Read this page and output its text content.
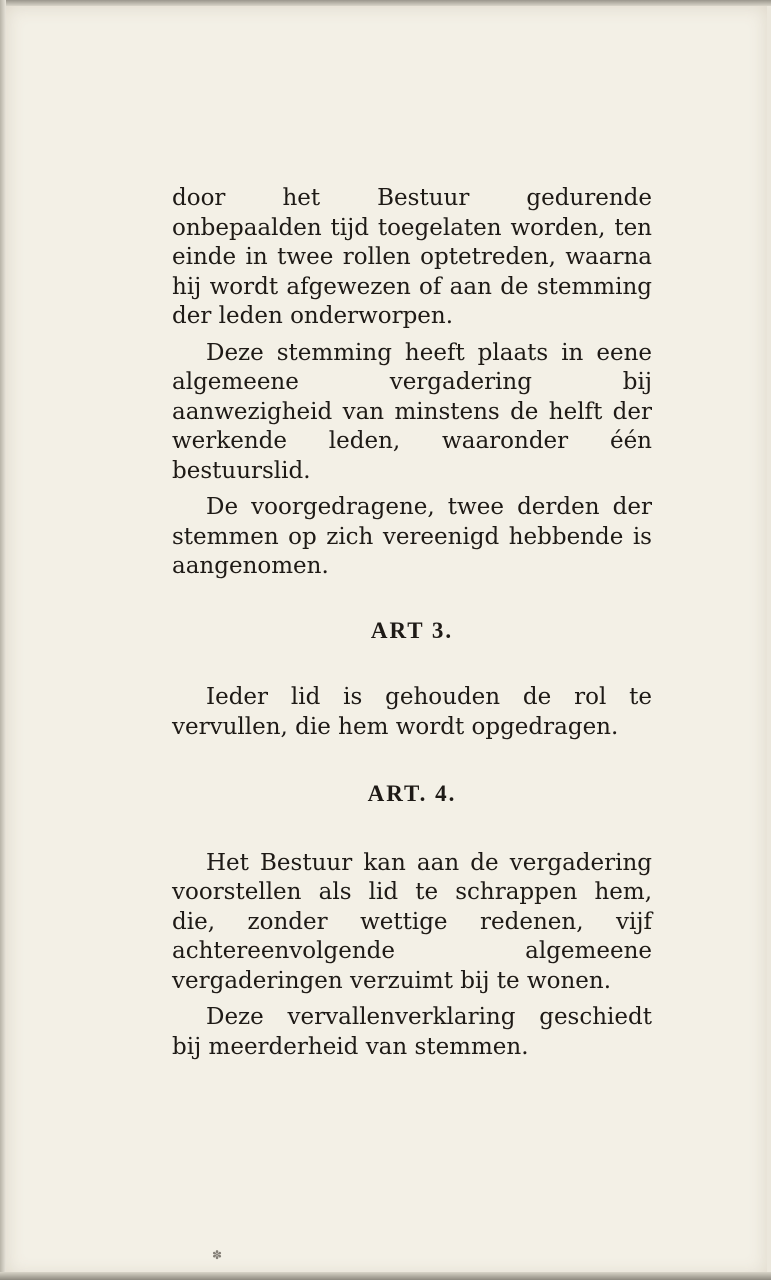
door het Bestuur gedurende onbepaalden tijd toegelaten worden, ten einde in twee rollen optetreden, waarna hij wordt afgewezen of aan de stemming der leden onderworpen.

Deze stemming heeft plaats in eene algemeene vergadering bij aanwezigheid van minstens de helft der werkende leden, waaronder één bestuurslid.

De voorgedragene, twee derden der stemmen op zich vereenigd hebbende is aangenomen.

ART 3.

Ieder lid is gehouden de rol te vervullen, die hem wordt opgedragen.

ART. 4.

Het Bestuur kan aan de vergadering voorstellen als lid te schrappen hem, die, zonder wettige redenen, vijf achtereenvolgende algemeene vergaderingen verzuimt bij te wonen.

Deze vervallenverklaring geschiedt bij meerderheid van stemmen.

✽
